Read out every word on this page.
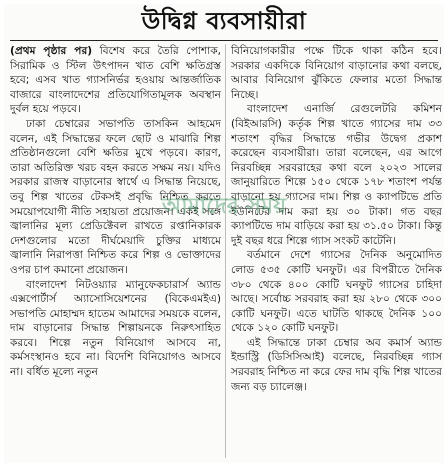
উদ্বিগ্ন ব্যবসায়ীরা

(প্রথম পৃষ্ঠার পর) বিশেষ করে তৈরি পোশাক, সিরামিক ও স্টিল উৎপাদন খাত বেশি ক্ষতিগ্রস্ত হবে; এসব খাত গ্যাসনির্ভর হওয়ায় আন্তর্জাতিক বাজারে বাংলাদেশের প্রতিযোগিতামূলক অবস্থান দুর্বল হয়ে পড়বে।

ঢাকা চেম্বারের সভাপতি তাসকিন আহমেদ বলেন, এই সিদ্ধান্তের ফলে ছোট ও মাঝারি শিল্প প্রতিষ্ঠানগুলো বেশি ক্ষতির মুখে পড়বে। কারণ, তারা অতিরিক্ত খরচ বহন করতে সক্ষম নয়। যদিও সরকার রাজস্ব বাড়ানোর স্বার্থে এ সিদ্ধান্ত নিয়েছে, তবু শিল্প খাতের টেকসই প্রবৃদ্ধি নিশ্চিত করতে সময়োপযোগী নীতি সহায়তা প্রয়োজন। একই সঙ্গে জ্বালানির মূল্য প্রেডিক্টেবল রাখতে রপ্তানিকারক দেশগুলোর মতো দীর্ঘমেয়াদি চুক্তির মাধ্যমে জ্বালানি নিরাপত্তা নিশ্চিত করে শিল্প ও ভোক্তাদের ওপর চাপ কমানো প্রয়োজন।

বাংলাদেশ নিটওয়্যার ম্যানুফেকচারার্স অ্যান্ড এক্সপোর্টার্স অ্যাসোসিয়েশনের (বিকেএমইএ) সভাপতি মোহাম্মদ হাতেম আমাদের সময়কে বলেন, দাম বাড়ানোর সিদ্ধান্ত শিল্পায়নকে নিরুৎসাহিত করবে। শিল্পে নতুন বিনিয়োগ আসবে না, কর্মসংস্থানও হবে না। বিদেশি বিনিয়োগও আসবে না। বর্ধিত মূল্যে নতুন

বিনিয়োগকারীর পক্ষে টিকে থাকা কঠিন হবে। সরকার একদিকে বিনিয়োগ বাড়ানোর কথা বলছে, আবার বিনিয়োগ ঝুঁকিতে ফেলার মতো সিদ্ধান্ত নিচ্ছে।

বাংলাদেশ এনার্জি রেগুলেটরি কমিশন (বিইআরসি) কর্তৃক শিল্প খাতে গ্যাসের দাম ৩৩ শতাংশ বৃদ্ধির সিদ্ধান্তে গভীর উদ্বেগ প্রকাশ করেছেন ব্যবসায়ীরা। তারা বলেছেন, এর আগে নিরবচ্ছিন্ন সরবরাহের কথা বলে ২০২৩ সালের জানুয়ারিতে শিল্পে ১৫০ থেকে ১৭৮ শতাংশ পর্যন্ত বাড়ানো হয় গ্যাসের দাম। শিল্প ও ক্যাপটিভে প্রতি ইউনিটের দাম করা হয় ৩০ টাকা। গত বছর ক্যাপটিভে দাম বাড়িয়ে করা হয় ৩১.৫০ টাকা। কিন্তু দুই বছর ধরে শিল্পে গ্যাস সংকট কাটেনি।

বর্তমানে দেশে গ্যাসের দৈনিক অনুমোদিত লোড ৫৩৫ কোটি ঘনফুট। এর বিপরীতে দৈনিক ৩৮০ থেকে ৪০০ কোটি ঘনফুট গ্যাসের চাহিদা আছে। সর্বোচ্চ সরবরাহ করা হয় ২৮০ থেকে ৩০০ কোটি ঘনফুট। এতে ঘাটতি থাকছে দৈনিক ১০০ থেকে ১২০ কোটি ঘনফুট।

এই সিদ্ধান্তে ঢাকা চেম্বার অব কমার্স অ্যান্ড ইন্ডাস্ট্রি (ডিসিসিআই) বলেছে, নিরবচ্ছিন্ন গ্যাস সরবরাহ নিশ্চিত না করে ফের দাম বৃদ্ধি শিল্প খাতের জন্য বড় চ্যালেঞ্জ।

আমাদের সময়
